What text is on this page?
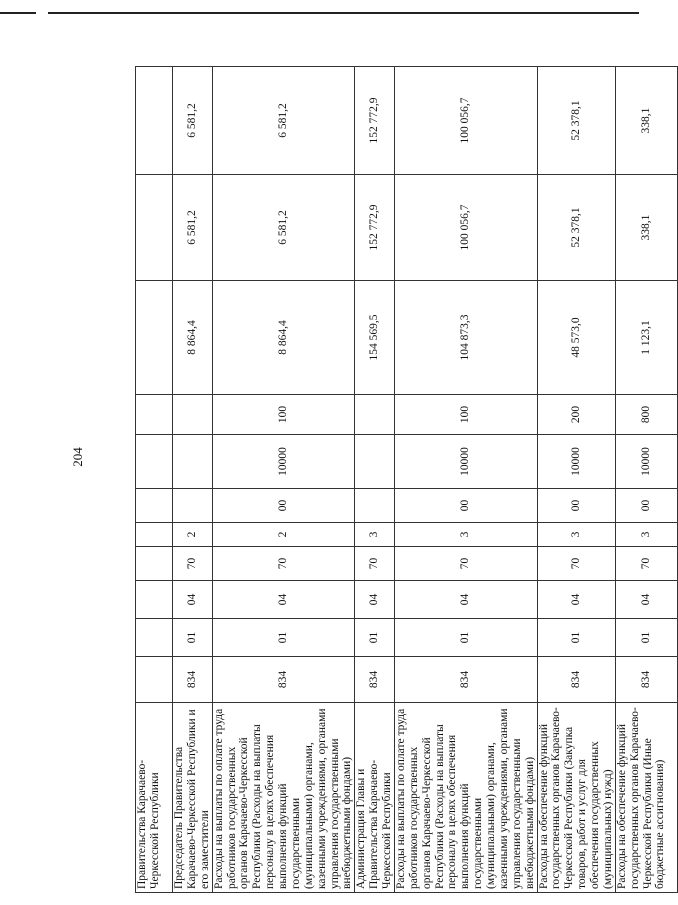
204
Правительства Карачаево-Черкесской Республики											
Председатель Правительства Карачаево-Черкесской Республики и его заместители	834	01	04	70	2				8 864,4	6 581,2	6 581,2
Расходы на выплаты по оплате труда работников государственных органов Карачаево-Черкесской Республики (Расходы на выплаты персоналу в целях обеспечения выполнения функций государственными (муниципальными) органами, казенными учреждениями, органами управления государственными внебюджетными фондами)	834	01	04	70	2	00	10000	100	8 864,4	6 581,2	6 581,2
Администрация Главы и Правительства Карачаево-Черкесской Республики	834	01	04	70	3				154 569,5	152 772,9	152 772,9
Расходы на выплаты по оплате труда работников государственных органов Карачаево-Черкесской Республики (Расходы на выплаты персоналу в целях обеспечения выполнения функций государственными (муниципальными) органами, казенными учреждениями, органами управления государственными внебюджетными фондами)	834	01	04	70	3	00	10000	100	104 873,3	100 056,7	100 056,7
Расходы на обеспечение функций государственных органов Карачаево-Черкесской Республики (Закупка товаров, работ и услуг для обеспечения государственных (муниципальных) нужд)	834	01	04	70	3	00	10000	200	48 573,0	52 378,1	52 378,1
Расходы на обеспечение функций государственных органов Карачаево-Черкесской Республики (Иные бюджетные ассигнования)	834	01	04	70	3	00	10000	800	1 123,1	338,1	338,1
